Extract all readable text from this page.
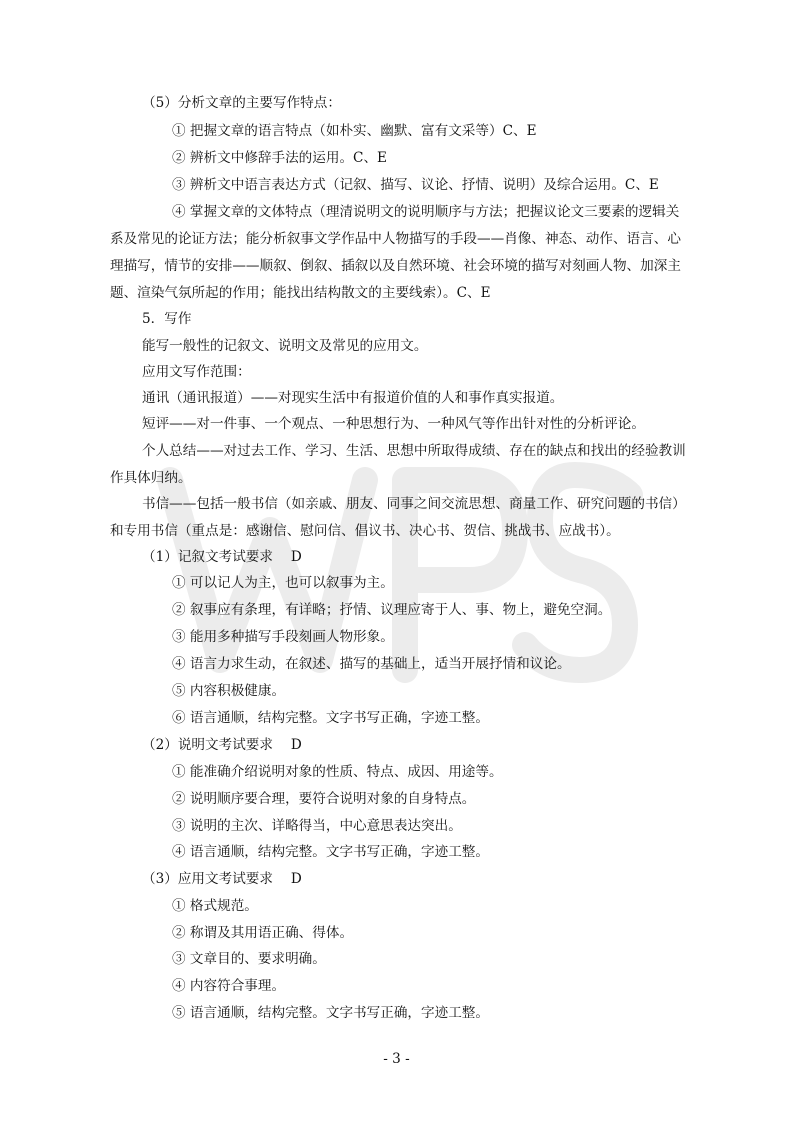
（5）分析文章的主要写作特点：
① 把握文章的语言特点（如朴实、幽默、富有文采等）C、E
② 辨析文中修辞手法的运用。C、E
③ 辨析文中语言表达方式（记叙、描写、议论、抒情、说明）及综合运用。C、E
④ 掌握文章的文体特点（理清说明文的说明顺序与方法；把握议论文三要素的逻辑关
系及常见的论证方法；能分析叙事文学作品中人物描写的手段——肖像、神态、动作、语言、心
理描写，情节的安排——顺叙、倒叙、插叙以及自然环境、社会环境的描写对刻画人物、加深主
题、渲染气氛所起的作用；能找出结构散文的主要线索）。C、E
5．写作
能写一般性的记叙文、说明文及常见的应用文。
应用文写作范围：
通讯（通讯报道）——对现实生活中有报道价值的人和事作真实报道。
短评——对一件事、一个观点、一种思想行为、一种风气等作出针对性的分析评论。
个人总结——对过去工作、学习、生活、思想中所取得成绩、存在的缺点和找出的经验教训
作具体归纳。
书信——包括一般书信（如亲戚、朋友、同事之间交流思想、商量工作、研究问题的书信）
和专用书信（重点是：感谢信、慰问信、倡议书、决心书、贺信、挑战书、应战书）。
（1）记叙文考试要求　 D
① 可以记人为主，也可以叙事为主。
② 叙事应有条理，有详略；抒情、议理应寄于人、事、物上，避免空洞。
③ 能用多种描写手段刻画人物形象。
④ 语言力求生动，在叙述、描写的基础上，适当开展抒情和议论。
⑤ 内容积极健康。
⑥ 语言通顺，结构完整。文字书写正确，字迹工整。
（2）说明文考试要求　 D
① 能准确介绍说明对象的性质、特点、成因、用途等。
② 说明顺序要合理，要符合说明对象的自身特点。
③ 说明的主次、详略得当，中心意思表达突出。
④ 语言通顺，结构完整。文字书写正确，字迹工整。
（3）应用文考试要求　 D
① 格式规范。
② 称谓及其用语正确、得体。
③ 文章目的、要求明确。
④ 内容符合事理。
⑤ 语言通顺，结构完整。文字书写正确，字迹工整。
- 3 -
